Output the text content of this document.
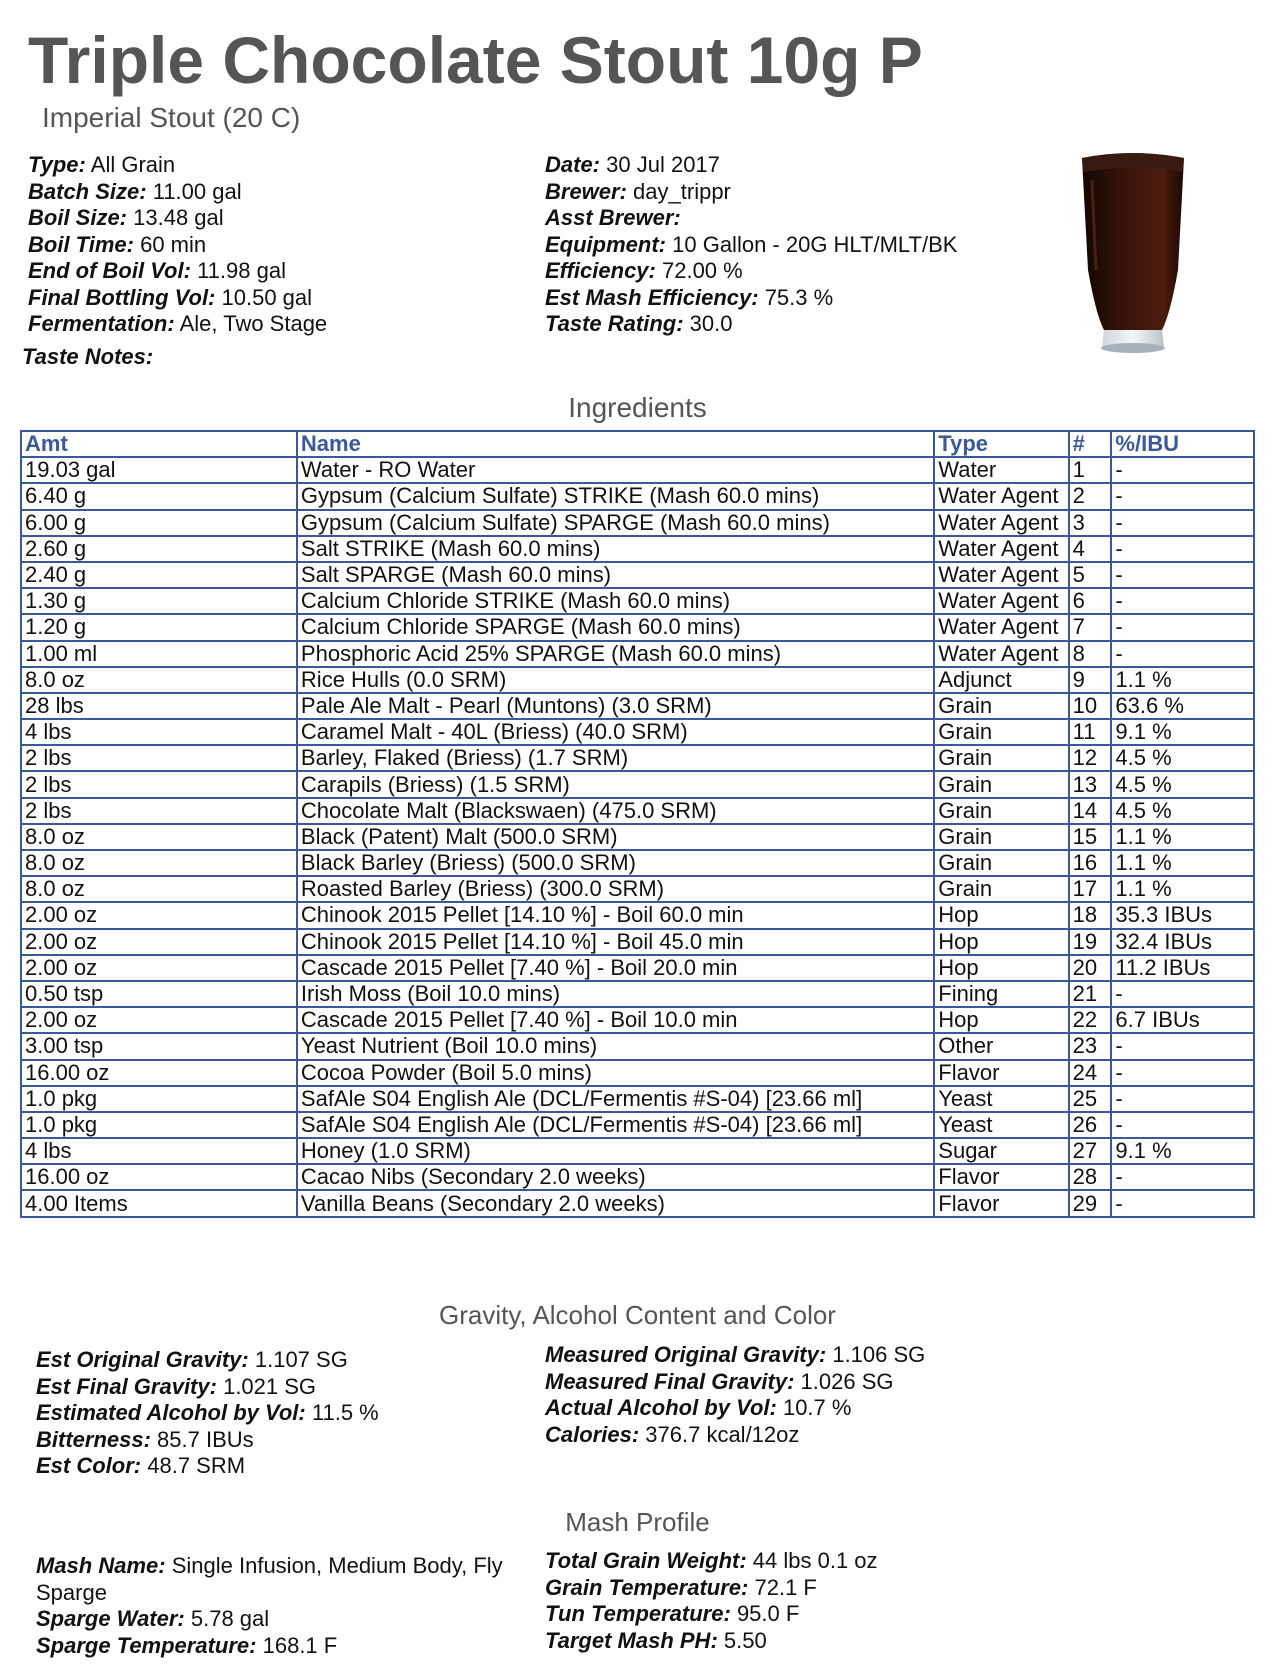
Triple Chocolate Stout 10g P
Imperial Stout (20 C)
Type: All Grain
Batch Size: 11.00 gal
Boil Size: 13.48 gal
Boil Time: 60 min
End of Boil Vol: 11.98 gal
Final Bottling Vol: 10.50 gal
Fermentation: Ale, Two Stage
Date: 30 Jul 2017
Brewer: day_trippr
Asst Brewer:
Equipment: 10 Gallon - 20G HLT/MLT/BK
Efficiency: 72.00 %
Est Mash Efficiency: 75.3 %
Taste Rating: 30.0
Taste Notes:
Ingredients
Amt	Name	Type	#	%/IBU
19.03 gal	Water - RO Water	Water	1	-
6.40 g	Gypsum (Calcium Sulfate) STRIKE (Mash 60.0 mins)	Water Agent	2	-
6.00 g	Gypsum (Calcium Sulfate) SPARGE (Mash 60.0 mins)	Water Agent	3	-
2.60 g	Salt STRIKE (Mash 60.0 mins)	Water Agent	4	-
2.40 g	Salt SPARGE (Mash 60.0 mins)	Water Agent	5	-
1.30 g	Calcium Chloride STRIKE (Mash 60.0 mins)	Water Agent	6	-
1.20 g	Calcium Chloride SPARGE (Mash 60.0 mins)	Water Agent	7	-
1.00 ml	Phosphoric Acid 25% SPARGE (Mash 60.0 mins)	Water Agent	8	-
8.0 oz	Rice Hulls (0.0 SRM)	Adjunct	9	1.1 %
28 lbs	Pale Ale Malt - Pearl (Muntons) (3.0 SRM)	Grain	10	63.6 %
4 lbs	Caramel Malt - 40L (Briess) (40.0 SRM)	Grain	11	9.1 %
2 lbs	Barley, Flaked (Briess) (1.7 SRM)	Grain	12	4.5 %
2 lbs	Carapils (Briess) (1.5 SRM)	Grain	13	4.5 %
2 lbs	Chocolate Malt (Blackswaen) (475.0 SRM)	Grain	14	4.5 %
8.0 oz	Black (Patent) Malt (500.0 SRM)	Grain	15	1.1 %
8.0 oz	Black Barley (Briess) (500.0 SRM)	Grain	16	1.1 %
8.0 oz	Roasted Barley (Briess) (300.0 SRM)	Grain	17	1.1 %
2.00 oz	Chinook 2015 Pellet [14.10 %] - Boil 60.0 min	Hop	18	35.3 IBUs
2.00 oz	Chinook 2015 Pellet [14.10 %] - Boil 45.0 min	Hop	19	32.4 IBUs
2.00 oz	Cascade 2015 Pellet [7.40 %] - Boil 20.0 min	Hop	20	11.2 IBUs
0.50 tsp	Irish Moss (Boil 10.0 mins)	Fining	21	-
2.00 oz	Cascade 2015 Pellet [7.40 %] - Boil 10.0 min	Hop	22	6.7 IBUs
3.00 tsp	Yeast Nutrient (Boil 10.0 mins)	Other	23	-
16.00 oz	Cocoa Powder (Boil 5.0 mins)	Flavor	24	-
1.0 pkg	SafAle S04 English Ale (DCL/Fermentis #S-04) [23.66 ml]	Yeast	25	-
1.0 pkg	SafAle S04 English Ale (DCL/Fermentis #S-04) [23.66 ml]	Yeast	26	-
4 lbs	Honey (1.0 SRM)	Sugar	27	9.1 %
16.00 oz	Cacao Nibs (Secondary 2.0 weeks)	Flavor	28	-
4.00 Items	Vanilla Beans (Secondary 2.0 weeks)	Flavor	29	-
Gravity, Alcohol Content and Color
Est Original Gravity: 1.107 SG
Est Final Gravity: 1.021 SG
Estimated Alcohol by Vol: 11.5 %
Bitterness: 85.7 IBUs
Est Color: 48.7 SRM
Measured Original Gravity: 1.106 SG
Measured Final Gravity: 1.026 SG
Actual Alcohol by Vol: 10.7 %
Calories: 376.7 kcal/12oz
Mash Profile
Mash Name: Single Infusion, Medium Body, Fly Sparge
Sparge Water: 5.78 gal
Sparge Temperature: 168.1 F
Total Grain Weight: 44 lbs 0.1 oz
Grain Temperature: 72.1 F
Tun Temperature: 95.0 F
Target Mash PH: 5.50
